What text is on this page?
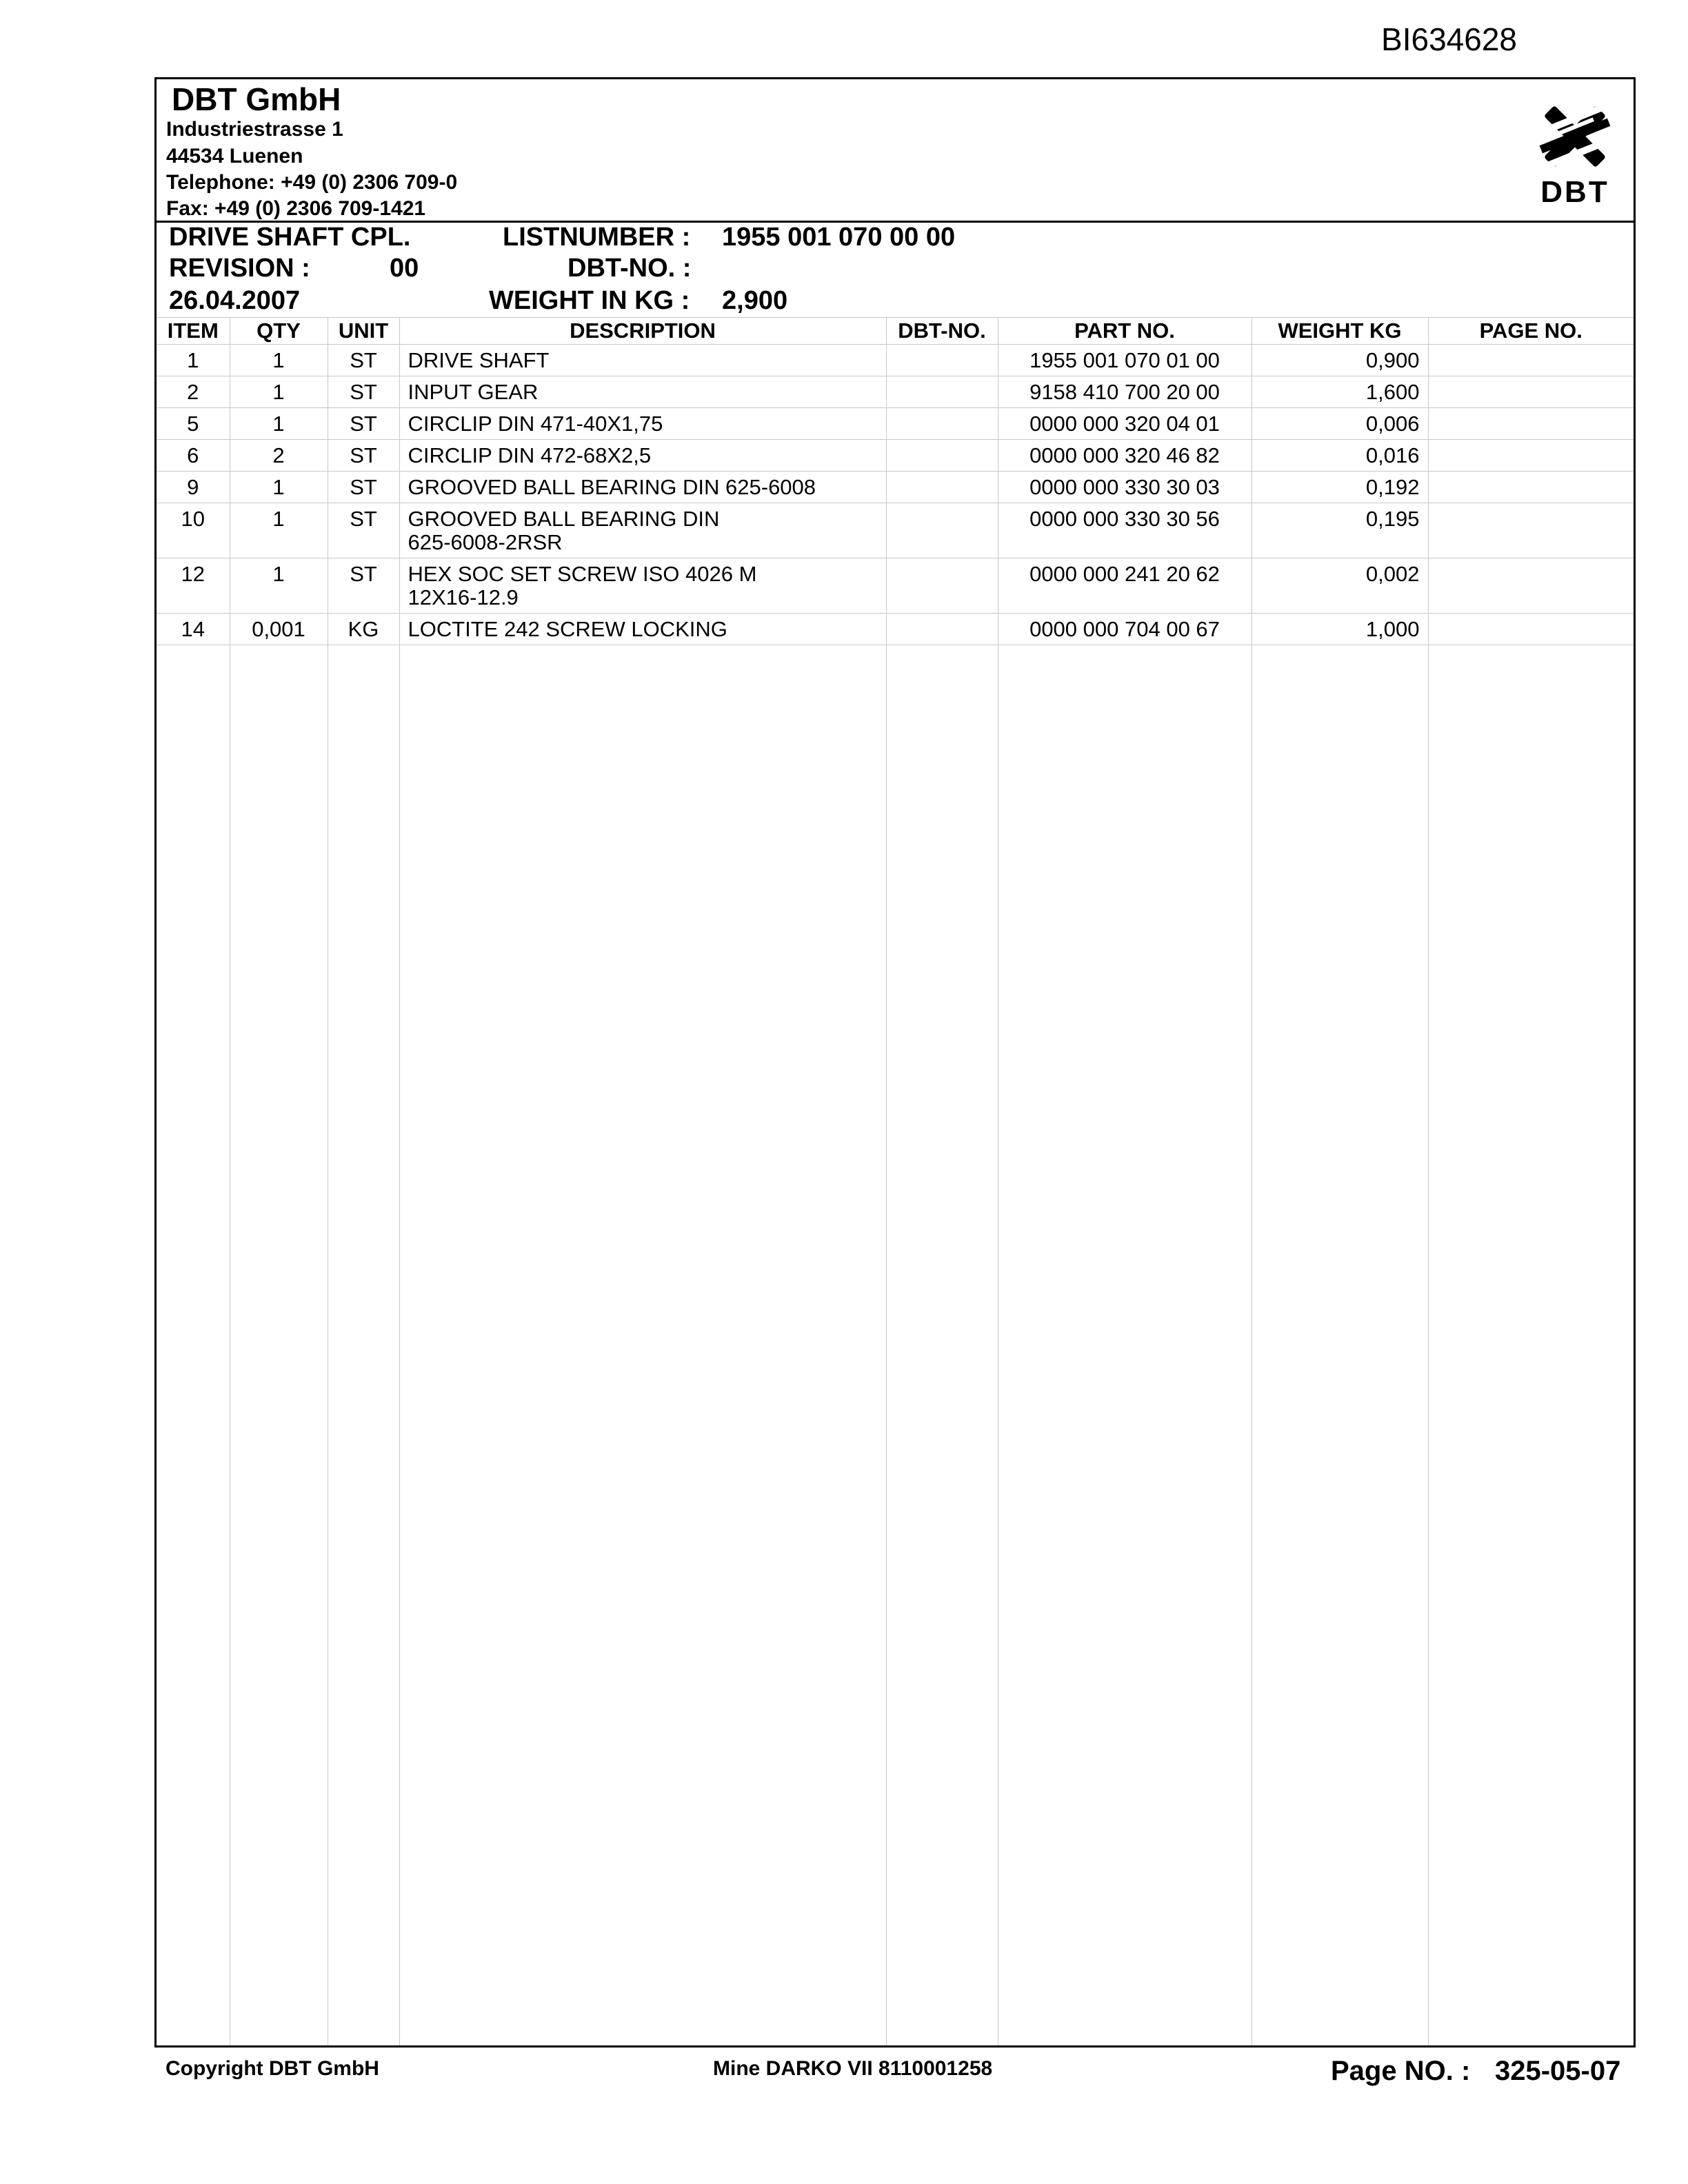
BI634628
DBT GmbH
Industriestrasse 1
44534 Luenen
Telephone: +49 (0) 2306 709-0
Fax: +49 (0) 2306 709-1421	DBT
DRIVE SHAFT CPL.	LISTNUMBER : 1955 001 070 00 00
REVISION :	00	DBT-NO. :
26.04.2007	WEIGHT IN KG : 2,900
ITEM	QTY	UNIT	DESCRIPTION	DBT-NO.	PART NO.	WEIGHT KG	PAGE NO.
1	1	ST	DRIVE SHAFT		1955 001 070 01 00	0,900	
2	1	ST	INPUT GEAR		9158 410 700 20 00	1,600	
5	1	ST	CIRCLIP DIN 471-40X1,75		0000 000 320 04 01	0,006	
6	2	ST	CIRCLIP DIN 472-68X2,5		0000 000 320 46 82	0,016	
9	1	ST	GROOVED BALL BEARING DIN 625-6008		0000 000 330 30 03	0,192	
10	1	ST	GROOVED BALL BEARING DIN
625-6008-2RSR		0000 000 330 30 56	0,195	
12	1	ST	HEX SOC SET SCREW ISO 4026 M
12X16-12.9		0000 000 241 20 62	0,002	
14	0,001	KG	LOCTITE 242 SCREW LOCKING		0000 000 704 00 67	1,000	
Copyright DBT GmbH	Mine DARKO VII 8110001258	Page NO. : 325-05-07
